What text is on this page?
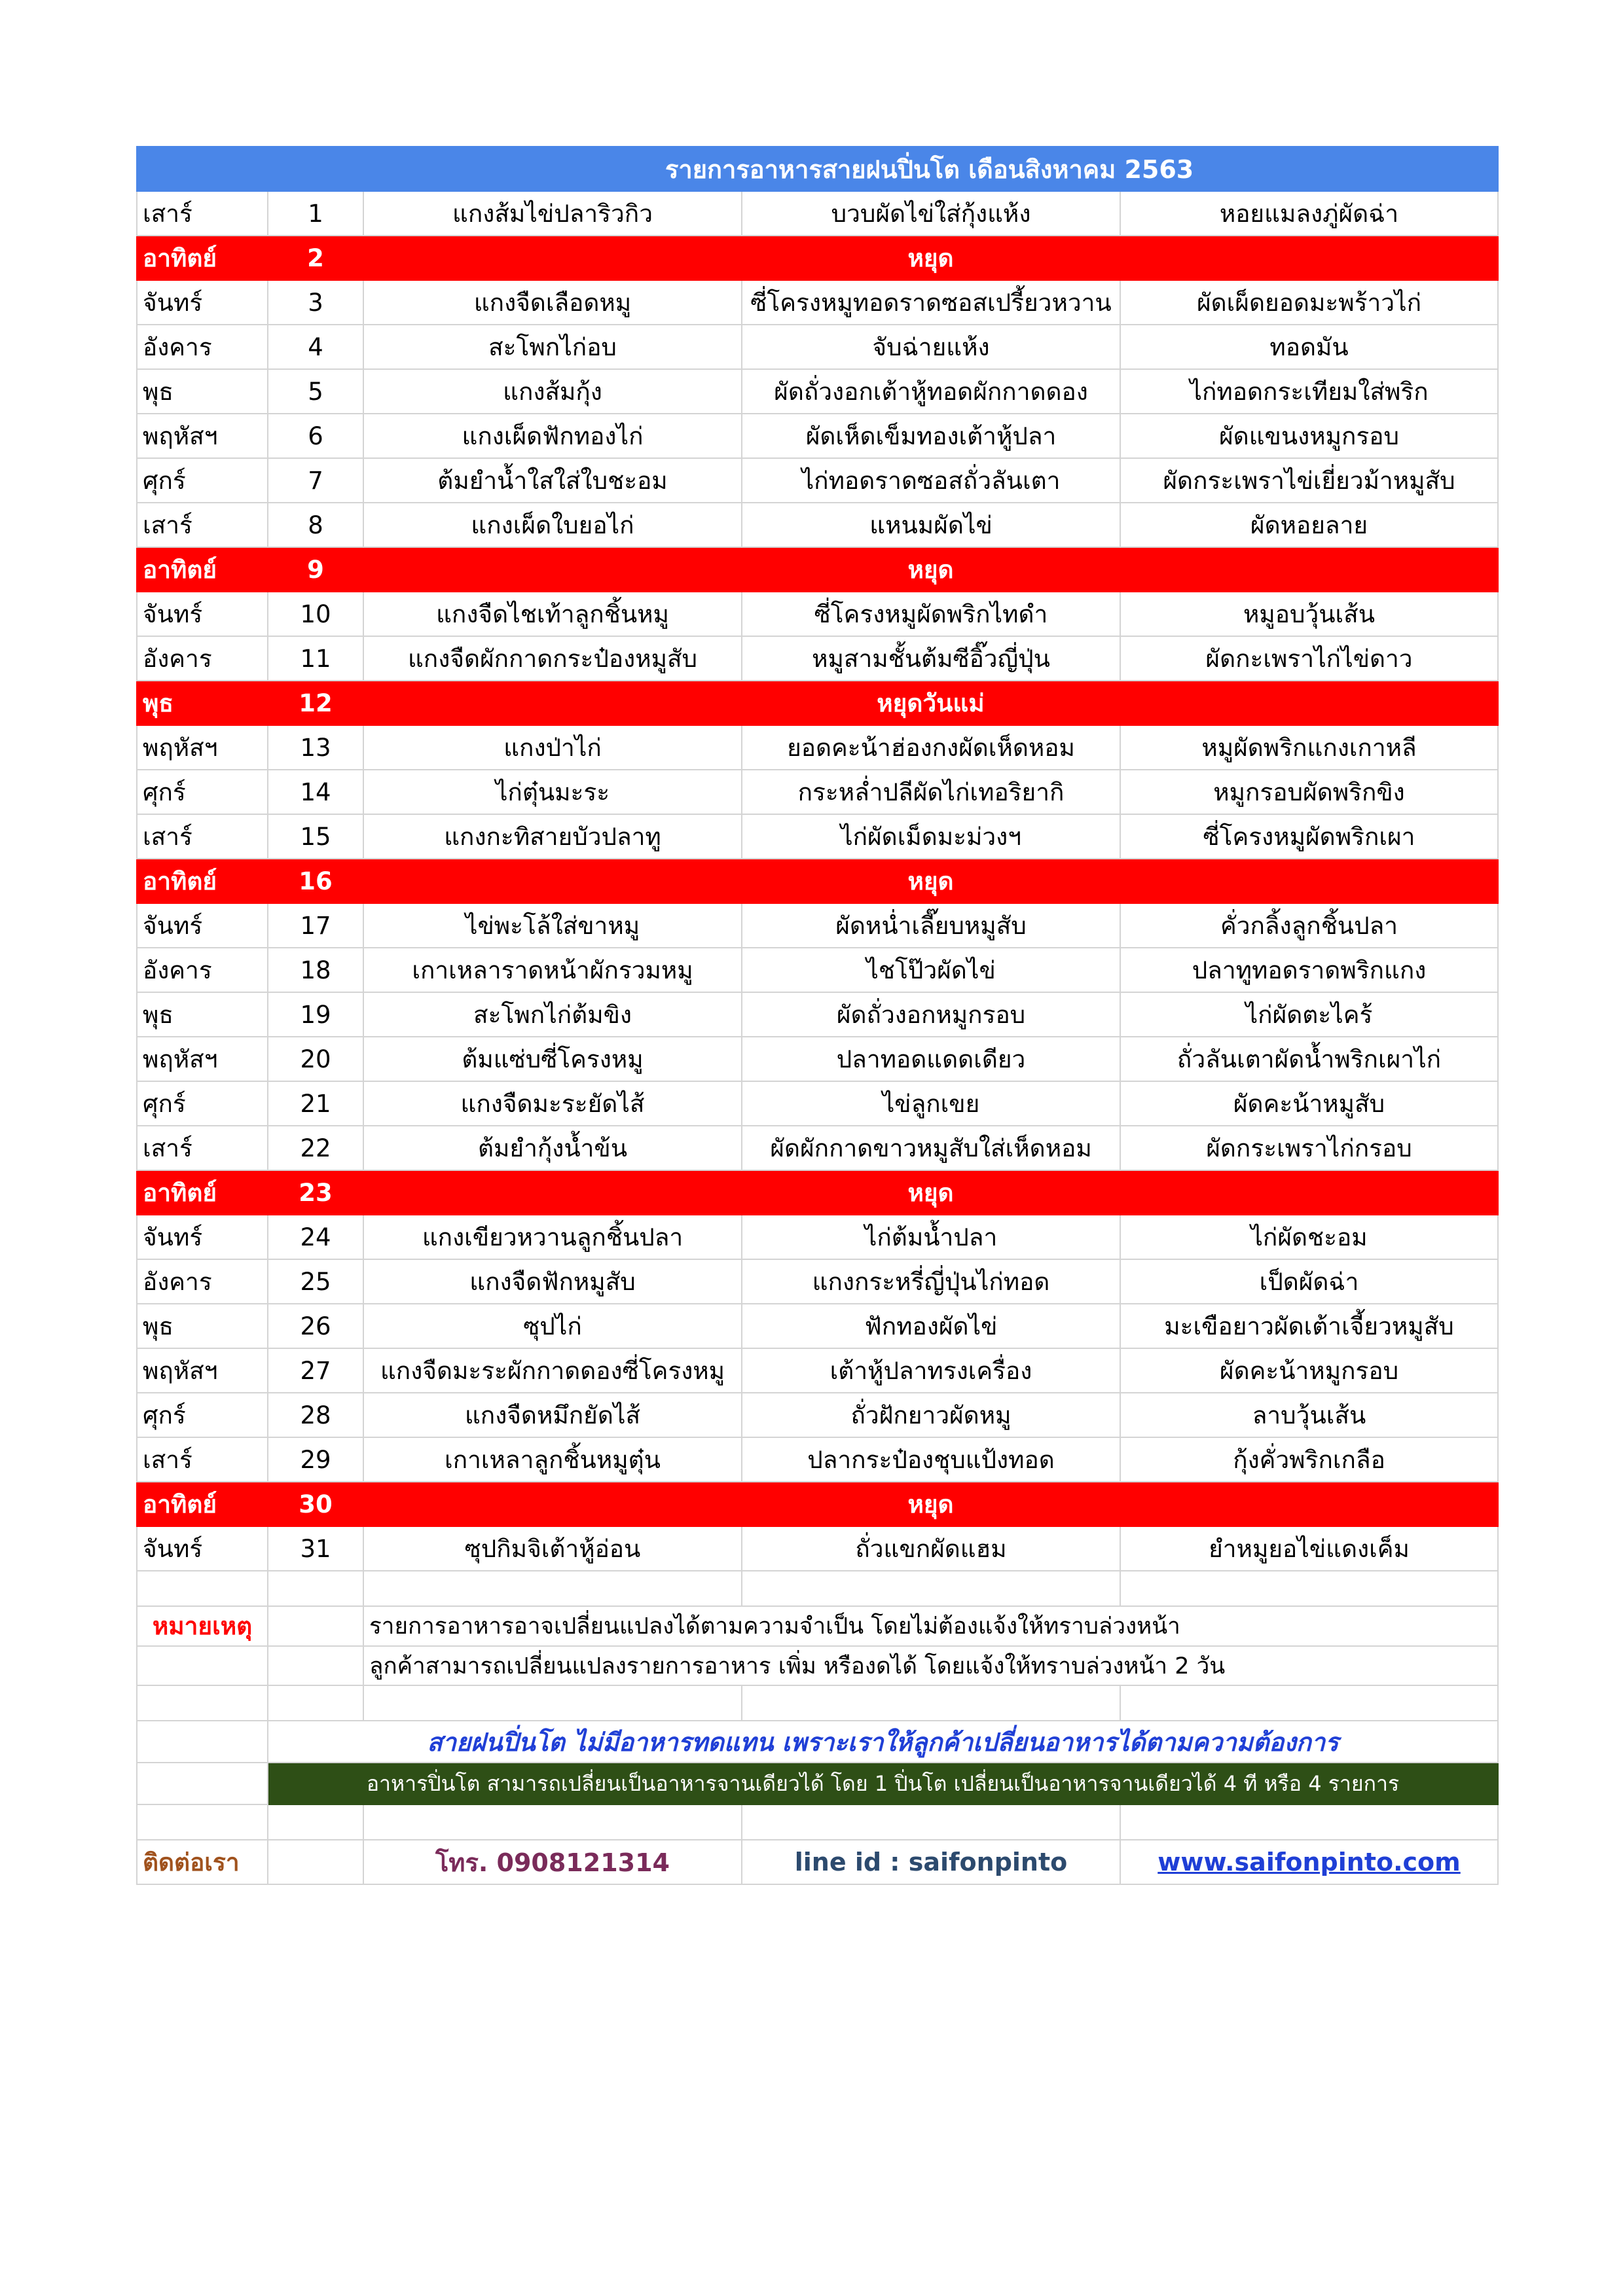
		รายการอาหารสายฝนปิ่นโต เดือนสิงหาคม 2563		
เสาร์	1	แกงส้มไข่ปลาริวกิว	บวบผัดไข่ใส่กุ้งแห้ง	หอยแมลงภู่ผัดฉ่า
อาทิตย์	2	หยุด		
จันทร์	3	แกงจืดเลือดหมู	ซี่โครงหมูทอดราดซอสเปรี้ยวหวาน	ผัดเผ็ดยอดมะพร้าวไก่
อังคาร	4	สะโพกไก่อบ	จับฉ่ายแห้ง	ทอดมัน
พุธ	5	แกงส้มกุ้ง	ผัดถั่วงอกเต้าหู้ทอดผักกาดดอง	ไก่ทอดกระเทียมใส่พริก
พฤหัสฯ	6	แกงเผ็ดฟักทองไก่	ผัดเห็ดเข็มทองเต้าหู้ปลา	ผัดแขนงหมูกรอบ
ศุกร์	7	ต้มยำน้ำใสใส่ใบชะอม	ไก่ทอดราดซอสถั่วลันเตา	ผัดกระเพราไข่เยี่ยวม้าหมูสับ
เสาร์	8	แกงเผ็ดใบยอไก่	แหนมผัดไข่	ผัดหอยลาย
อาทิตย์	9	หยุด		
จันทร์	10	แกงจืดไชเท้าลูกชิ้นหมู	ซี่โครงหมูผัดพริกไทดำ	หมูอบวุ้นเส้น
อังคาร	11	แกงจืดผักกาดกระป๋องหมูสับ	หมูสามชั้นต้มซีอิ๊วญี่ปุ่น	ผัดกะเพราไก่ไข่ดาว
พุธ	12	หยุดวันแม่		
พฤหัสฯ	13	แกงป่าไก่	ยอดคะน้าฮ่องกงผัดเห็ดหอม	หมูผัดพริกแกงเกาหลี
ศุกร์	14	ไก่ตุ๋นมะระ	กระหล่ำปลีผัดไก่เทอริยากิ	หมูกรอบผัดพริกขิง
เสาร์	15	แกงกะทิสายบัวปลาทู	ไก่ผัดเม็ดมะม่วงฯ	ซี่โครงหมูผัดพริกเผา
อาทิตย์	16	หยุด		
จันทร์	17	ไข่พะโล้ใส่ขาหมู	ผัดหน่ำเลี๊ยบหมูสับ	คั่วกลิ้งลูกชิ้นปลา
อังคาร	18	เกาเหลาราดหน้าผักรวมหมู	ไชโป๊วผัดไข่	ปลาทูทอดราดพริกแกง
พุธ	19	สะโพกไก่ต้มขิง	ผัดถั่วงอกหมูกรอบ	ไก่ผัดตะไคร้
พฤหัสฯ	20	ต้มแซ่บซี่โครงหมู	ปลาทอดแดดเดียว	ถั่วลันเตาผัดน้ำพริกเผาไก่
ศุกร์	21	แกงจืดมะระยัดไส้	ไข่ลูกเขย	ผัดคะน้าหมูสับ
เสาร์	22	ต้มยำกุ้งน้ำข้น	ผัดผักกาดขาวหมูสับใส่เห็ดหอม	ผัดกระเพราไก่กรอบ
อาทิตย์	23	หยุด		
จันทร์	24	แกงเขียวหวานลูกชิ้นปลา	ไก่ต้มน้ำปลา	ไก่ผัดชะอม
อังคาร	25	แกงจืดฟักหมูสับ	แกงกระหรี่ญี่ปุ่นไก่ทอด	เป็ดผัดฉ่า
พุธ	26	ซุปไก่	ฟักทองผัดไข่	มะเขือยาวผัดเต้าเจี้ยวหมูสับ
พฤหัสฯ	27	แกงจืดมะระผักกาดดองซี่โครงหมู	เต้าหู้ปลาทรงเครื่อง	ผัดคะน้าหมูกรอบ
ศุกร์	28	แกงจืดหมึกยัดไส้	ถั่วฝักยาวผัดหมู	ลาบวุ้นเส้น
เสาร์	29	เกาเหลาลูกชิ้นหมูตุ๋น	ปลากระป๋องชุบแป้งทอด	กุ้งคั่วพริกเกลือ
อาทิตย์	30	หยุด		
จันทร์	31	ซุปกิมจิเต้าหู้อ่อน	ถั่วแขกผัดแฮม	ยำหมูยอไข่แดงเค็ม

หมายเหตุ		รายการอาหารอาจเปลี่ยนแปลงได้ตามความจำเป็น โดยไม่ต้องแจ้งให้ทราบล่วงหน้า		
		ลูกค้าสามารถเปลี่ยนแปลงรายการอาหาร เพิ่ม หรืองดได้ โดยแจ้งให้ทราบล่วงหน้า 2 วัน		

	สายฝนปิ่นโต ไม่มีอาหารทดแทน เพราะเราให้ลูกค้าเปลี่ยนอาหารได้ตามความต้องการ			
	อาหารปิ่นโต สามารถเปลี่ยนเป็นอาหารจานเดียวได้ โดย 1 ปิ่นโต เปลี่ยนเป็นอาหารจานเดียวได้ 4 ที หรือ 4 รายการ			

ติดต่อเรา		โทร. 0908121314	line id : saifonpinto	www.saifonpinto.com
